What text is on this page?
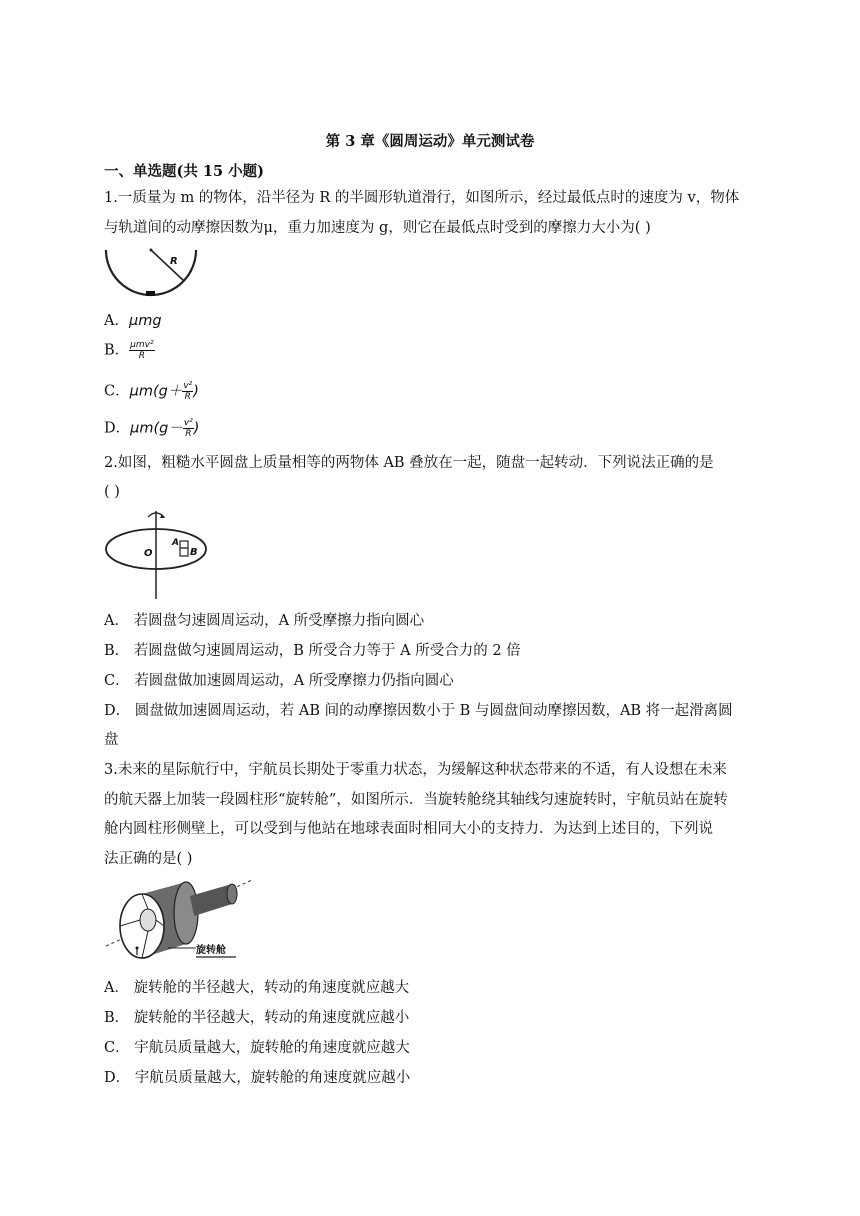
第 3 章《圆周运动》单元测试卷
一、单选题(共 15 小题)
1.一质量为 m 的物体，沿半径为 R 的半圆形轨道滑行，如图所示，经过最低点时的速度为 v，物体
与轨道间的动摩擦因数为μ，重力加速度为 g，则它在最低点时受到的摩擦力大小为( )
R
A．μmg
B． $\frac{\text{μmv²}}{R}$
C．$\mu m(g+ \frac{\text{v²}}{R}$ )
D．$\mu m(g- \frac{\text{v²}}{R}$ )
2.如图，粗糙水平圆盘上质量相等的两物体 AB 叠放在一起，随盘一起转动．下列说法正确的是
( )
O
A
B
A． 若圆盘匀速圆周运动，A 所受摩擦力指向圆心
B． 若圆盘做匀速圆周运动，B 所受合力等于 A 所受合力的 2 倍
C． 若圆盘做加速圆周运动，A 所受摩擦力仍指向圆心
D． 圆盘做加速圆周运动，若 AB 间的动摩擦因数小于 B 与圆盘间动摩擦因数，AB 将一起滑离圆
盘
3.未来的星际航行中，宇航员长期处于零重力状态，为缓解这种状态带来的不适，有人设想在未来
的航天器上加装一段圆柱形“旋转舱”，如图所示．当旋转舱绕其轴线匀速旋转时，宇航员站在旋转
舱内圆柱形侧壁上，可以受到与他站在地球表面时相同大小的支持力．为达到上述目的，下列说
法正确的是( )
旋转舱
A． 旋转舱的半径越大，转动的角速度就应越大
B． 旋转舱的半径越大，转动的角速度就应越小
C． 宇航员质量越大，旋转舱的角速度就应越大
D． 宇航员质量越大，旋转舱的角速度就应越小
